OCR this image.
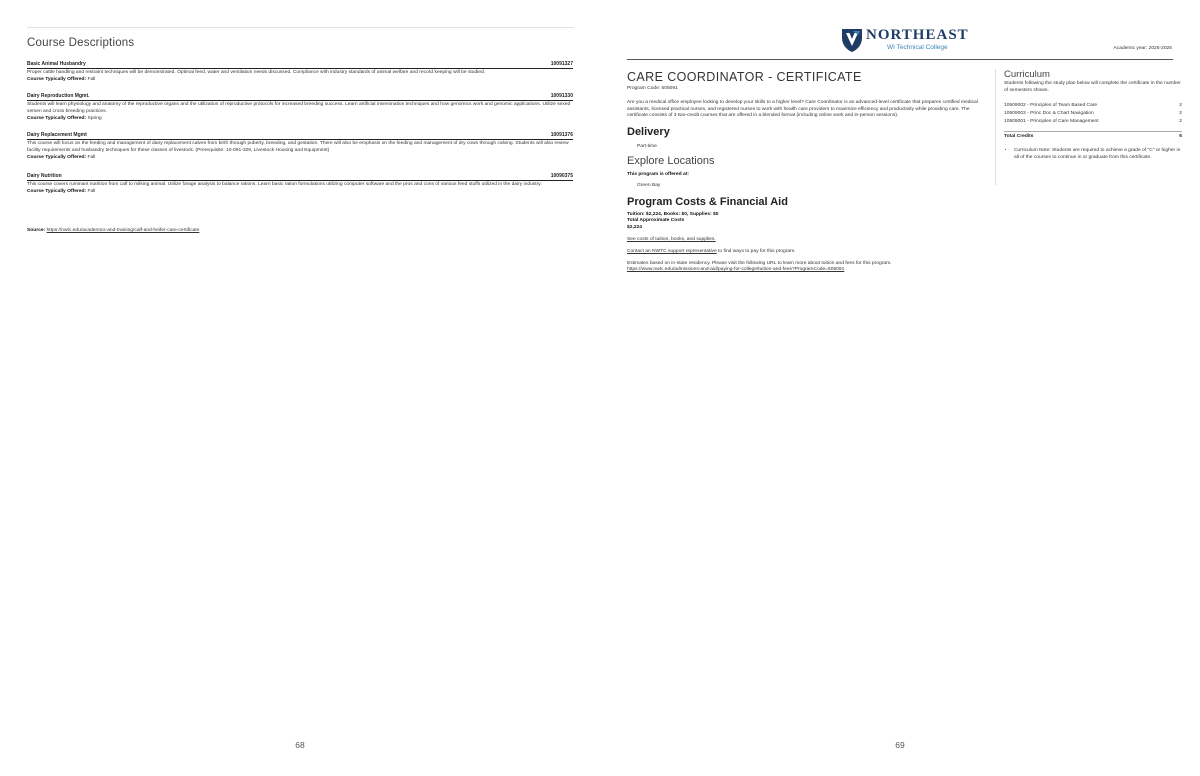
Course Descriptions
Basic Animal Husbandry	10091327
Proper cattle handling and restraint techniques will be demonstrated. Optimal feed, water and ventilation needs discussed. Compliance with industry standards of animal welfare and record keeping will be studied.
Course Typically Offered: Fall
Dairy Reproduction Mgmt.	10091330
Students will learn physiology and anatomy of the reproductive organs and the utilization of reproductive protocols for increased breeding success. Learn artificial insemination techniques and how genomics work and genomic applications. Utilize sexed semen and cross breeding practices.
Course Typically Offered: Spring
Dairy Replacement Mgmt	10091376
This course will focus on the feeding and management of dairy replacement calves from birth through puberty, breeding, and gestation. There will also be emphasis on the feeding and management of dry cows through calving. Students will also review facility requirements and husbandry techniques for these classes of livestock. (Prerequisite: 10-091-329, Livestock Housing and Equipment)
Course Typically Offered: Fall
Dairy Nutrition	10090375
This course covers ruminant nutrition from calf to milking animal. Utilize forage analysis to balance rations. Learn basic ration formulations utilizing computer software and the pros and cons of various feed stuffs utilized in the dairy industry.
Course Typically Offered: Fall
Source: https://nwtc.edu/academics-and-training/calf-and-heifer-care-certificate
68
NORTHEAST
WI Technical College	Academic year: 2025-2026
CARE COORDINATOR - CERTIFICATE
Program Code: 505091
Are you a medical office employee looking to develop your skills to a higher level? Care Coordinator is an advanced-level certificate that prepares certified medical assistants, licensed practical nurses, and registered nurses to work with health care providers to maximize efficiency and productivity while providing care. The certificate consists of 3 two-credit courses that are offered in a blended format (including online work and in-person sessions).
Delivery
Part-time
Explore Locations
This program is offered at:
Green Bay
Program Costs & Financial Aid
Tuition: $2,224, Books: $0, Supplies: $0
Total Approximate Costs
$2,224
See costs of tuition, books, and supplies.
Contact an NWTC support representative to find ways to pay for this program.
Estimates based on in-state residency. Please visit the following URL to learn more about tuition and fees for this program.
https://www.nwtc.edu/admissions-and-aid/paying-for-college/tuition-and-fees?ProgramCode=505091
Curriculum
Students following the study plan below will complete the certificate in the number of semesters shown.
10509002 - Principles of Team Based Care	2
10509003 - Princ Doc & Chart Navigation	2
10509001 - Principles of Care Management	2
Total Credits	6
• Curriculum Note: Students are required to achieve a grade of "C" or higher in all of the courses to continue in or graduate from this certificate.
69
